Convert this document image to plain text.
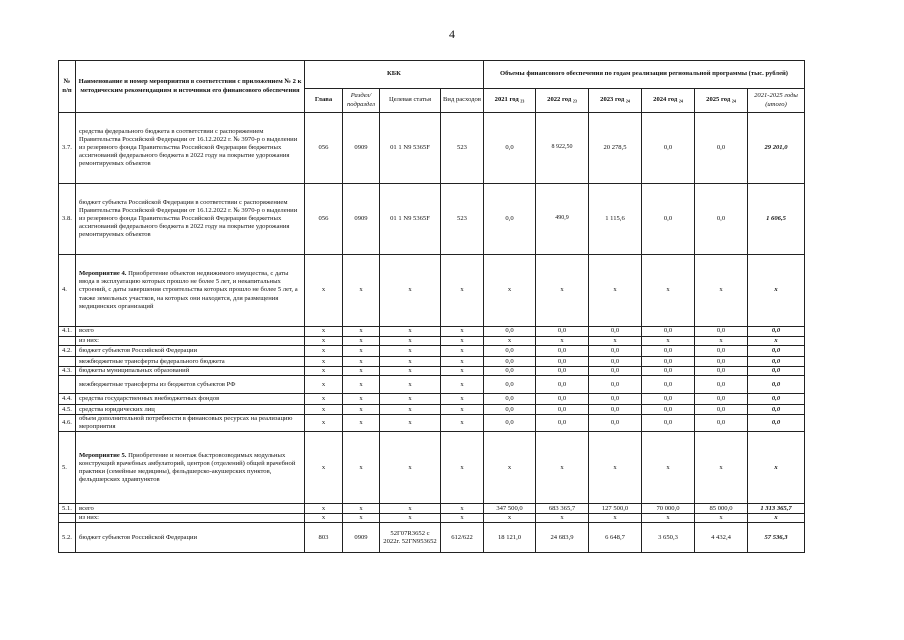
4
№ п/п	Наименование и номер мероприятия в соответствии с приложением № 2 к методическим рекомендациям и источники его финансового обеспечения	КБК				Объемы финансового обеспечения по годам реализации региональной программы (тыс. рублей)					
		Глава	Раздел/ подраздел	Целевая статья	Вид расходов	2021 год ₂₃	2022 год ₂₃	2023 год ₂₄	2024 год ₂₄	2025 год ₂₄	2021-2025 годы (итого)
3.7.	средства федерального бюджета в соответствии с распоряжением Правительства Российской Федерации от 16.12.2022 г. № 3970-р о выделении из резервного фонда Правительства Российской Федерации бюджетных ассигнований федерального бюджета в 2022 году на покрытие удорожания ремонтируемых объектов	056	0909	01 1 N9 5365F	523	0,0	8 922,50	20 278,5	0,0	0,0	29 201,0
3.8.	бюджет субъекта Российской Федерации в соответствии с распоряжением Правительства Российской Федерации от 16.12.2022 г. № 3970-р о выделении из резервного фонда Правительства Российской Федерации бюджетных ассигнований федерального бюджета в 2022 году на покрытие удорожания ремонтируемых объектов	056	0909	01 1 N9 5365F	523	0,0	490,9	1 115,6	0,0	0,0	1 606,5
4.	Мероприятие 4. Приобретение объектов недвижимого имущества, с даты ввода в эксплуатацию которых прошло не более 5 лет, и некапитальных строений, с даты завершения строительства которых прошло не более 5 лет, а также земельных участков, на которых они находятся, для размещения медицинских организаций	x	x	x	x	x	x	x	x	x	x
4.1.	всего	x	x	x	x	0,0	0,0	0,0	0,0	0,0	0,0
	из них:	x	x	x	x	x	x	x	x	x	x
4.2.	бюджет субъектов Российской Федерации	x	x	x	x	0,0	0,0	0,0	0,0	0,0	0,0
	межбюджетные трансферты федерального бюджета	x	x	x	x	0,0	0,0	0,0	0,0	0,0	0,0
4.3.	бюджеты муниципальных образований	x	x	x	x	0,0	0,0	0,0	0,0	0,0	0,0
	межбюджетные трансферты из бюджетов субъектов РФ	x	x	x	x	0,0	0,0	0,0	0,0	0,0	0,0
4.4.	средства государственных внебюджетных фондов	x	x	x	x	0,0	0,0	0,0	0,0	0,0	0,0
4.5.	средства юридических лиц	x	x	x	x	0,0	0,0	0,0	0,0	0,0	0,0
4.6.	объем дополнительной потребности в финансовых ресурсах на реализацию мероприятия	x	x	x	x	0,0	0,0	0,0	0,0	0,0	0,0
5.	Мероприятие 5. Приобретение и монтаж быстровозводимых модульных конструкций врачебных амбулаторий, центров (отделений) общей врачебной практики (семейные медицины), фельдшерско-акушерских пунктов, фельдшерских здравпунктов	x	x	x	x	x	x	x	x	x	x
5.1.	всего	x	x	x	x	347 500,0	683 365,7	127 500,0	70 000,0	85 000,0	1 313 365,7
	из них:	x	x	x	x	x	x	x	x	x	x
5.2.	бюджет субъектов Российской Федерации	803	0909	52Г07R3652 с 2022г. 52ГN953652	612/622	18 121,0	24 683,9	6 648,7	3 650,3	4 432,4	57 536,3
